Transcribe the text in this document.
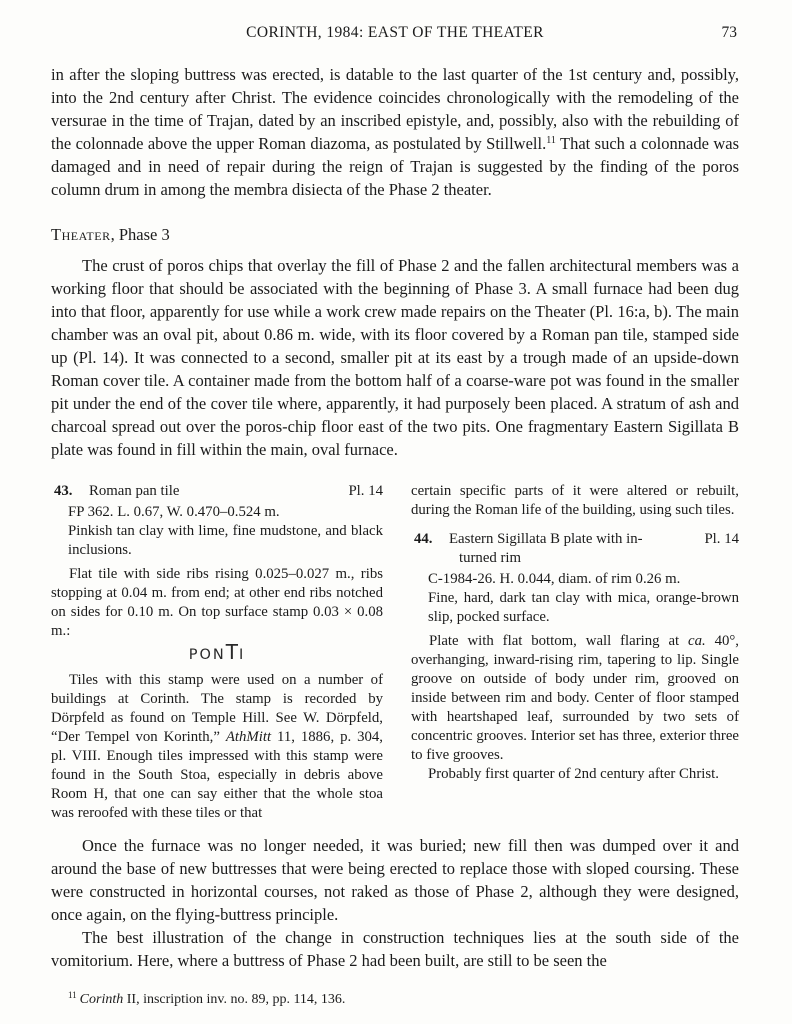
CORINTH, 1984: EAST OF THE THEATER	73

in after the sloping buttress was erected, is datable to the last quarter of the 1st century and, possibly, into the 2nd century after Christ. The evidence coincides chronologically with the remodeling of the versurae in the time of Trajan, dated by an inscribed epistyle, and, possibly, also with the rebuilding of the colonnade above the upper Roman diazoma, as postulated by Stillwell.$^{11}$ That such a colonnade was damaged and in need of repair during the reign of Trajan is suggested by the finding of the poros column drum in among the membra disiecta of the Phase 2 theater.

Theater, Phase 3

The crust of poros chips that overlay the fill of Phase 2 and the fallen architectural members was a working floor that should be associated with the beginning of Phase 3. A small furnace had been dug into that floor, apparently for use while a work crew made repairs on the Theater (Pl. 16:a, b). The main chamber was an oval pit, about 0.86 m. wide, with its floor covered by a Roman pan tile, stamped side up (Pl. 14). It was connected to a second, smaller pit at its east by a trough made of an upside-down Roman cover tile. A container made from the bottom half of a coarse-ware pot was found in the smaller pit under the end of the cover tile where, apparently, it had purposely been placed. A stratum of ash and charcoal spread out over the poros-chip floor east of the two pits. One fragmentary Eastern Sigillata B plate was found in fill within the main, oval furnace.

43.	Roman pan tile	Pl. 14

FP 362. L. 0.67, W. 0.470–0.524 m.

Pinkish tan clay with lime, fine mudstone, and black inclusions.

Flat tile with side ribs rising 0.025–0.027 m., ribs stopping at 0.04 m. from end; at other end ribs notched on sides for 0.10 m. On top surface stamp 0.03 × 0.08 m.:

PONTI

Tiles with this stamp were used on a number of buildings at Corinth. The stamp is recorded by Dörpfeld as found on Temple Hill. See W. Dörpfeld, “Der Tempel von Korinth,” AthMitt 11, 1886, p. 304, pl. VIII. Enough tiles impressed with this stamp were found in the South Stoa, especially in debris above Room H, that one can say either that the whole stoa was reroofed with these tiles or that

certain specific parts of it were altered or rebuilt, during the Roman life of the building, using such tiles.

44.	Eastern Sigillata B plate with in-
turned rim
Pl. 14

C-1984-26. H. 0.044, diam. of rim 0.26 m.

Fine, hard, dark tan clay with mica, orange-brown slip, pocked surface.

Plate with flat bottom, wall flaring at ca. 40°, overhanging, inward-rising rim, tapering to lip. Single groove on outside of body under rim, grooved on inside between rim and body. Center of floor stamped with heartshaped leaf, surrounded by two sets of concentric grooves. Interior set has three, exterior three to five grooves.

Probably first quarter of 2nd century after Christ.

Once the furnace was no longer needed, it was buried; new fill then was dumped over it and around the base of new buttresses that were being erected to replace those with sloped coursing. These were constructed in horizontal courses, not raked as those of Phase 2, although they were designed, once again, on the flying-buttress principle.

The best illustration of the change in construction techniques lies at the south side of the vomitorium. Here, where a buttress of Phase 2 had been built, are still to be seen the

$^{11}$ Corinth II, inscription inv. no. 89, pp. 114, 136.
